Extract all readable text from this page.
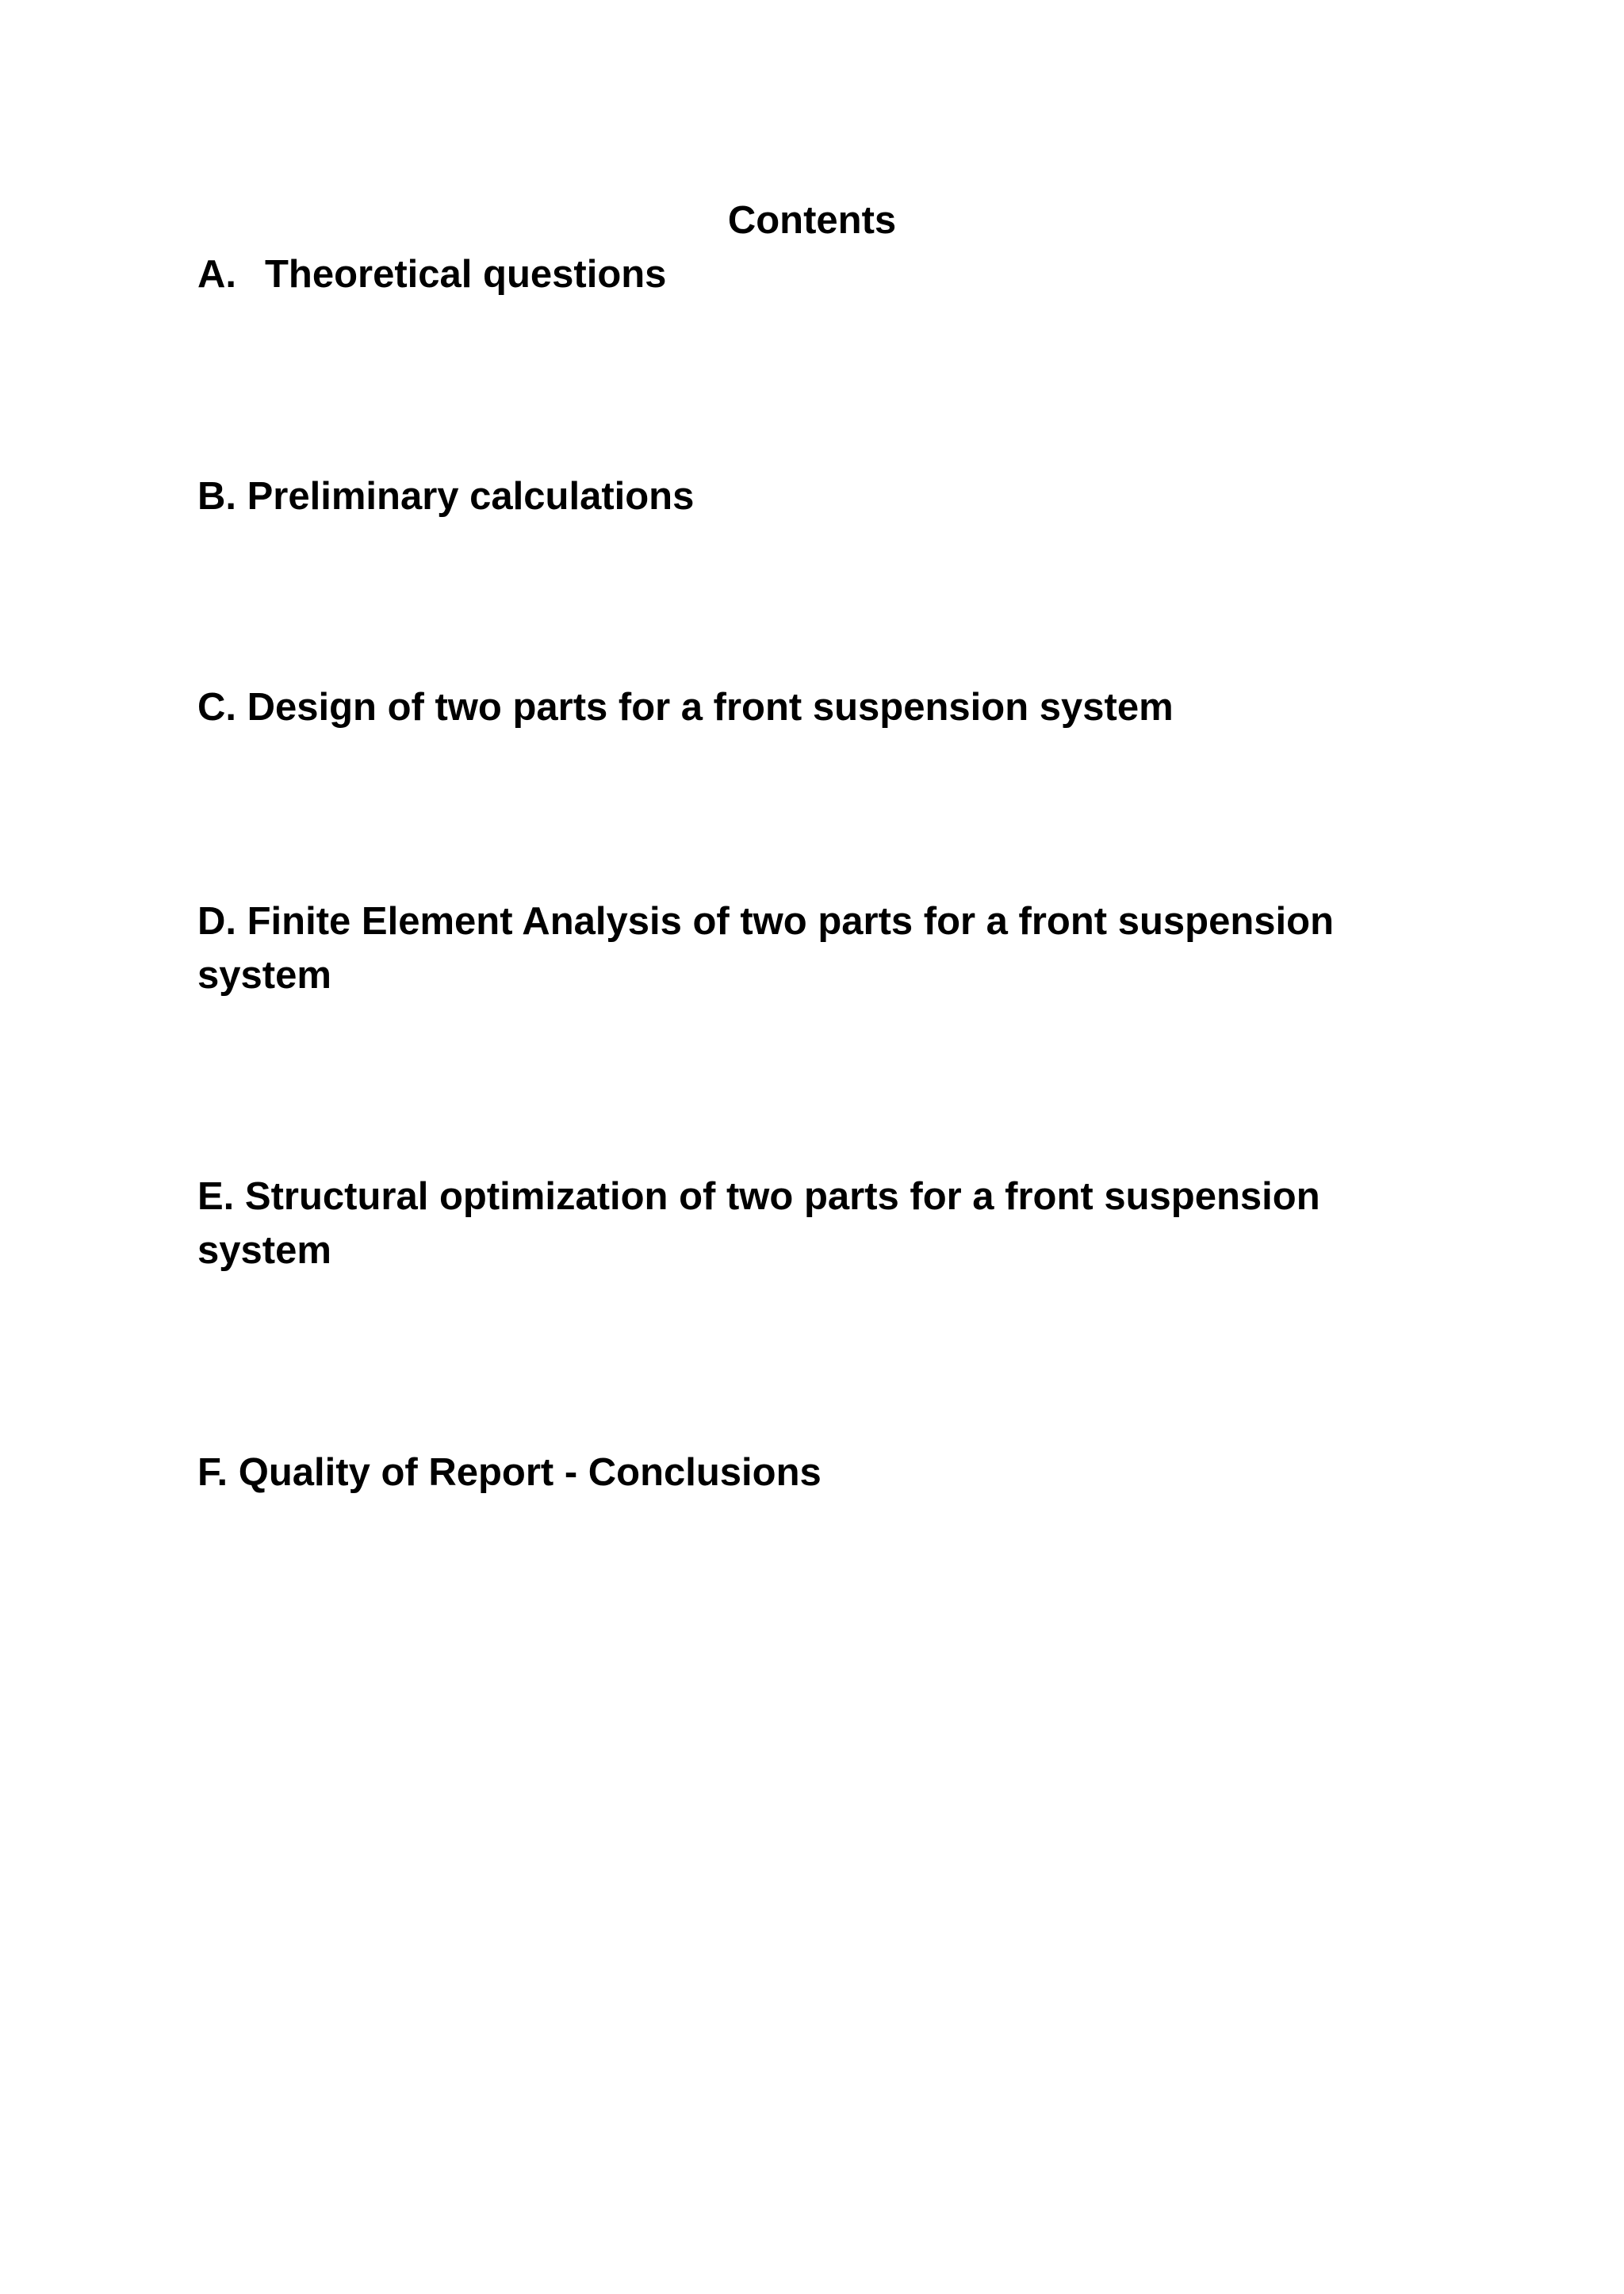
Contents

A. Theoretical questions

B. Preliminary calculations

C. Design of two parts for a front suspension system

D. Finite Element Analysis of two parts for a front suspension system

E. Structural optimization of two parts for a front suspension system

F. Quality of Report - Conclusions
